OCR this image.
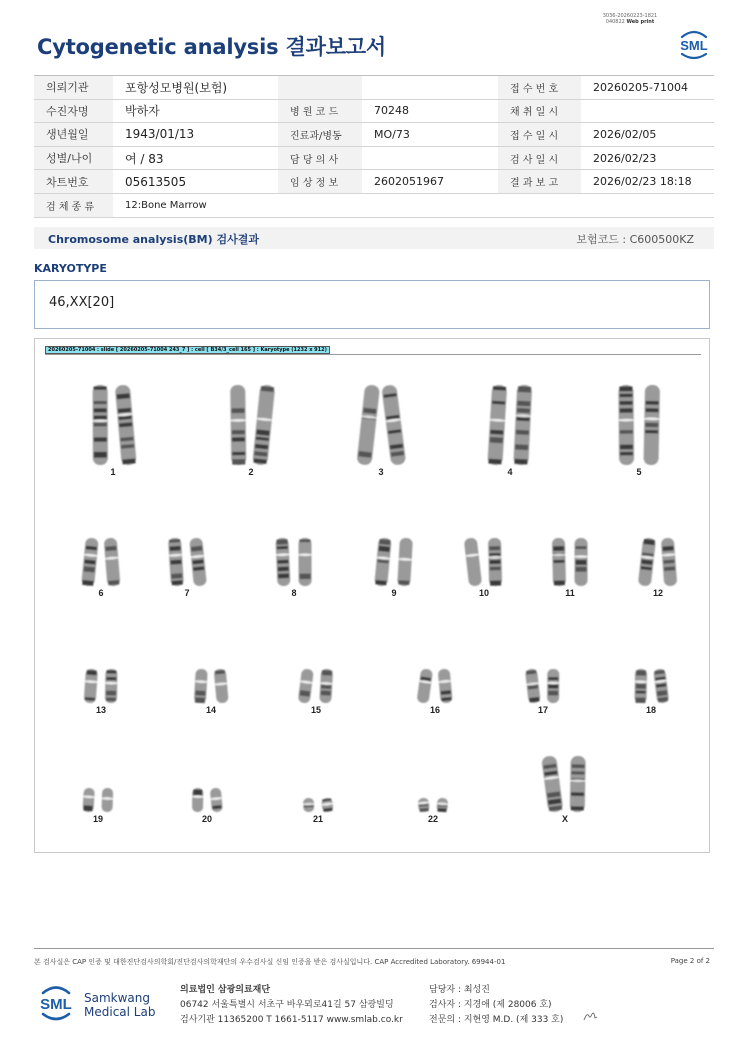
3036-20260223-1821
040822 Web print
Cytogenetic analysis 결과보고서	SML
의뢰기관	포항성모병원(보험)			접 수 번 호	20260205-71004
수진자명	박하자	병 원 코 드	70248	채 취 일 시	
생년월일	1943/01/13	진료과/병동	MO/73	접 수 일 시	2026/02/05
성별/나이	여 / 83	담 당 의 사		검 사 일 시	2026/02/23
차트번호	05613505	임 상 정 보	2602051967	결 과 보 고	2026/02/23 18:18
검 체 종 류	12:Bone Marrow				
Chromosome analysis(BM) 검사결과	보험코드 : C600500KZ
KARYOTYPE
46,XX[20]
20260205-71004 : slide [ 20260205-71004 243_7 ] : cell [ B34/3_cell 165 ] : Karyotype (1232 x 912)
1	2	3	4	5
6	7	8	9	10	11	12
13	14	15	16	17	18
19	20	21	22	X
본 검사실은 CAP 인증 및 대한진단검사의학회/진단검사의학재단의 우수검사실 신임 인증을 받은 검사실입니다. CAP Accredited Laboratory. 69944-01	Page 2 of 2
SML Samkwang
Medical Lab
의료법인 삼광의료재단
06742 서울특별시 서초구 바우뫼로41길 57 삼광빌딩
검사기관 11365200 T 1661-5117 www.smlab.co.kr
담당자 : 최성진
검사자 : 지경애 (제 28006 호)
전문의 : 지현영 M.D. (제 333 호)
